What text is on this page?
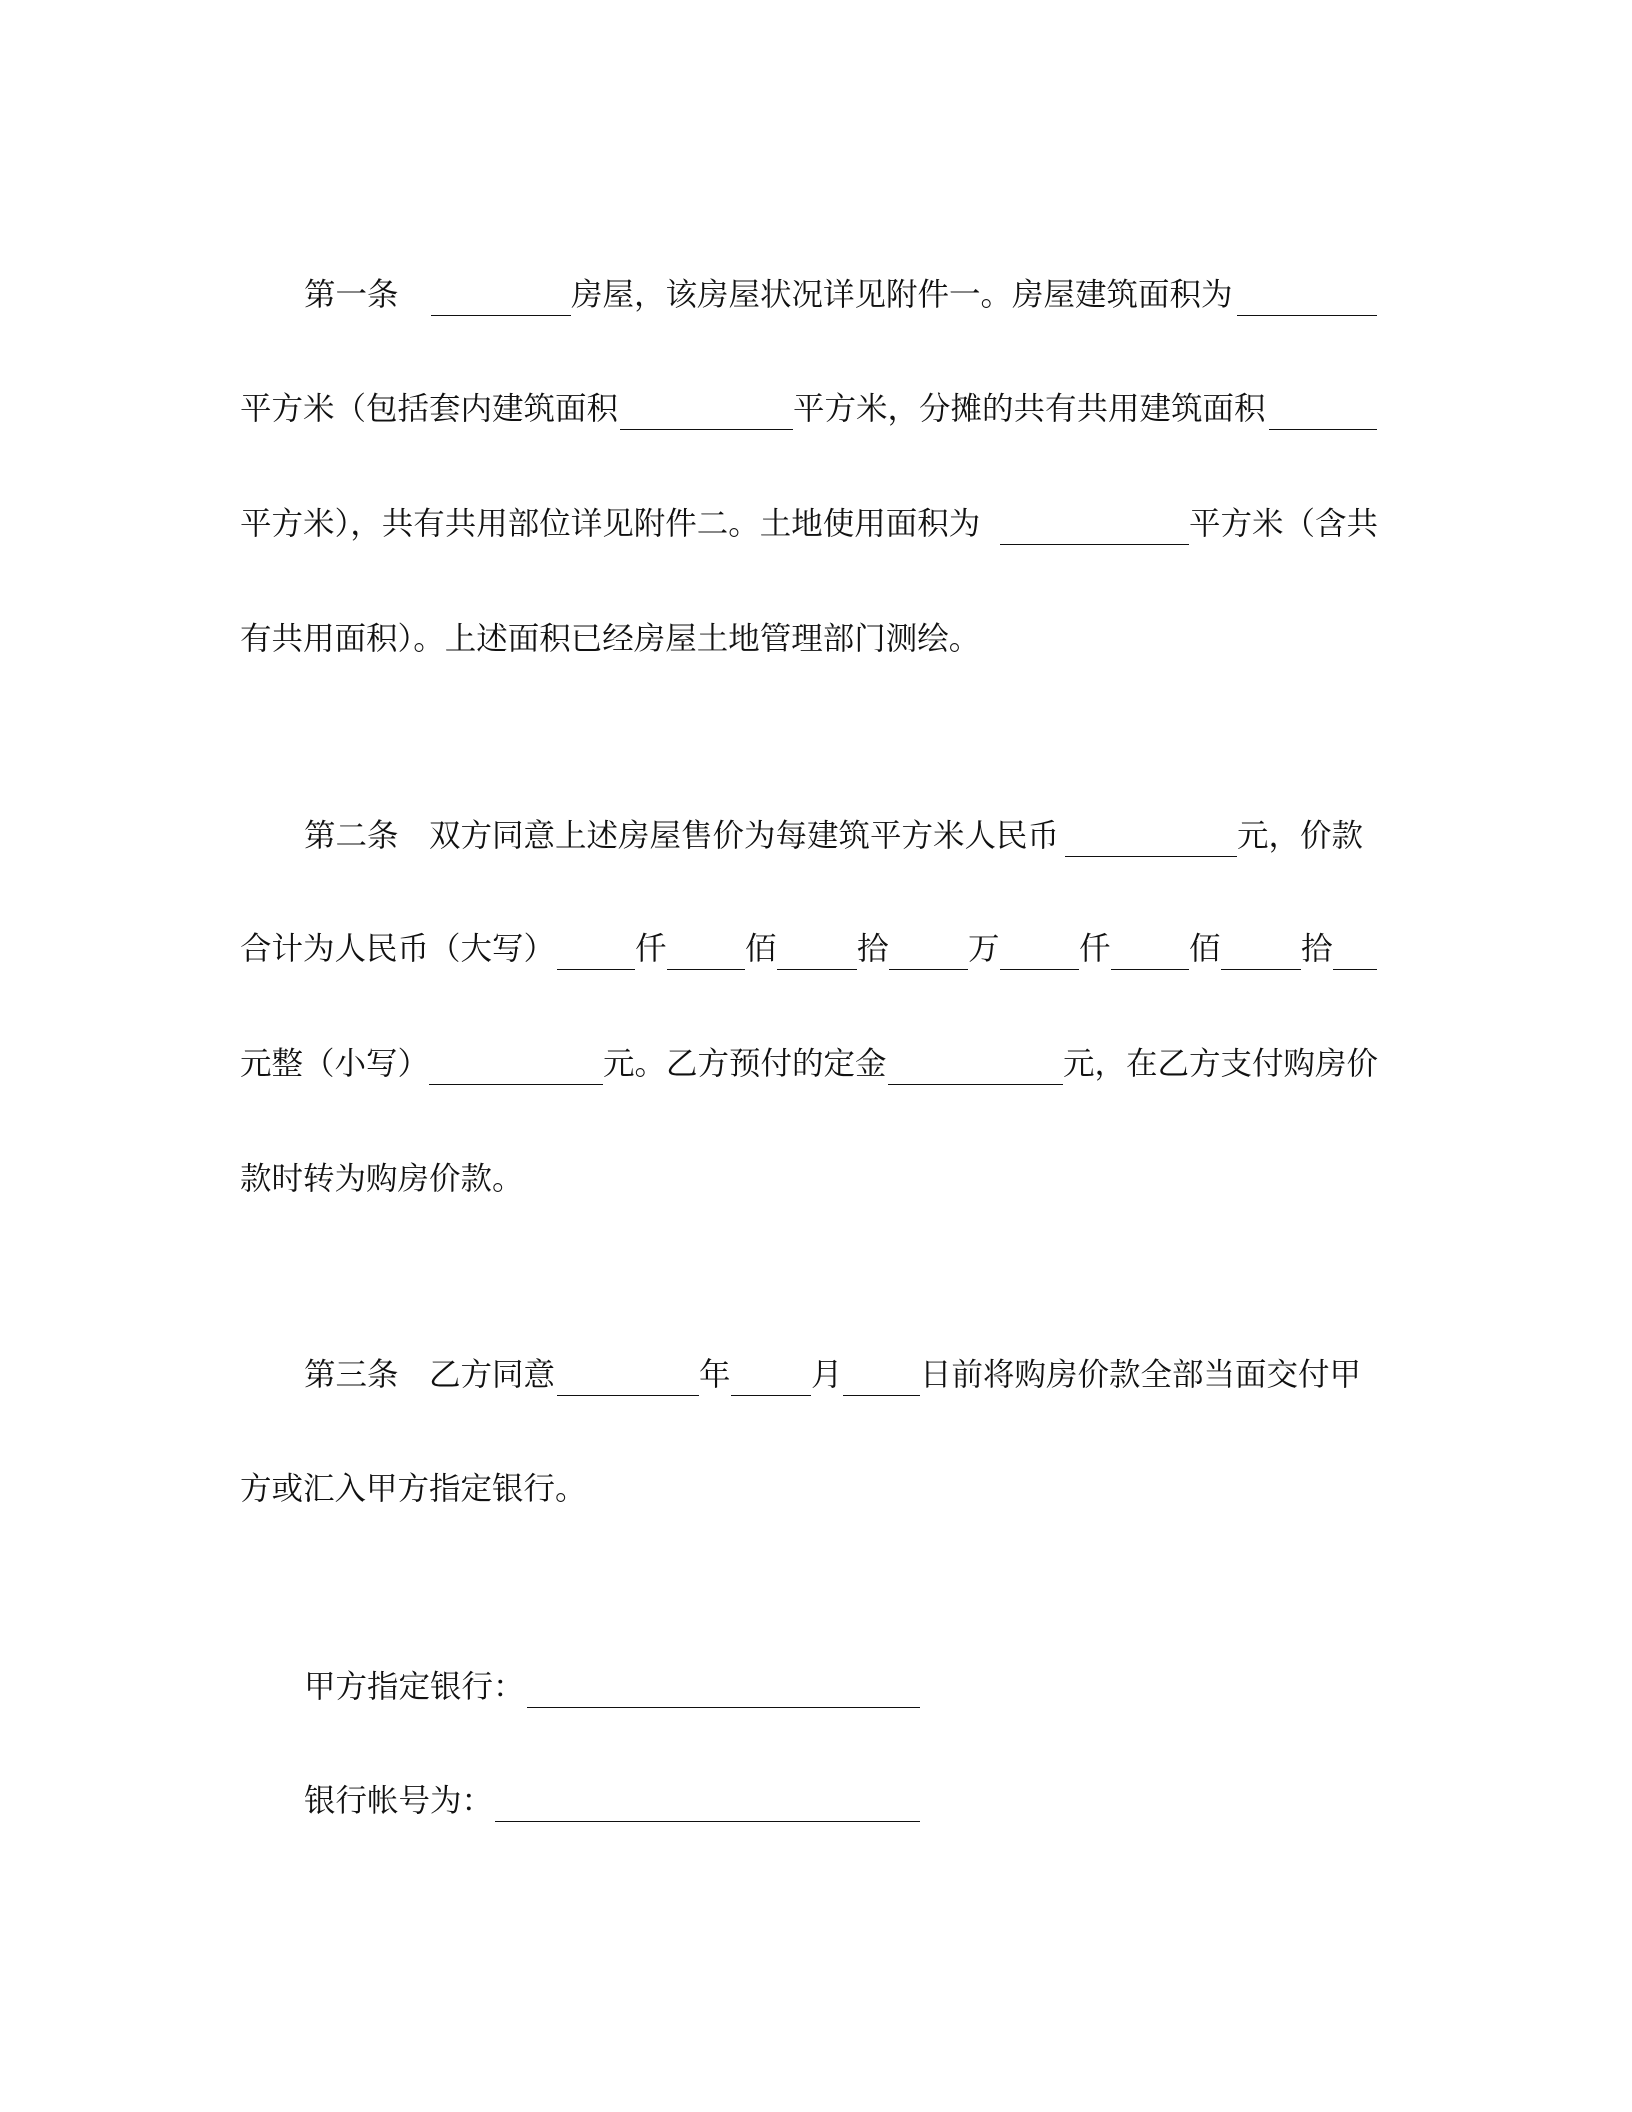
第一条	房屋，该房屋状况详见附件一。房屋建筑面积为
平方米（包括套内建筑面积	平方米，分摊的共有共用建筑面积
平方米），共有共用部位详见附件二。土地使用面积为	平方米（含共
有共用面积）。上述面积已经房屋土地管理部门测绘。
第二条 双方同意上述房屋售价为每建筑平方米人民币	元，价款
合计为人民币（大写）	仟 佰	拾	万	仟 佰	拾
元整（小写）	元。乙方预付的定金	元，在乙方支付购房价
款时转为购房价款。
第三条 乙方同意	年	月 日前将购房价款全部当面交付甲
方或汇入甲方指定银行。
甲方指定银行：
银行帐号为：
